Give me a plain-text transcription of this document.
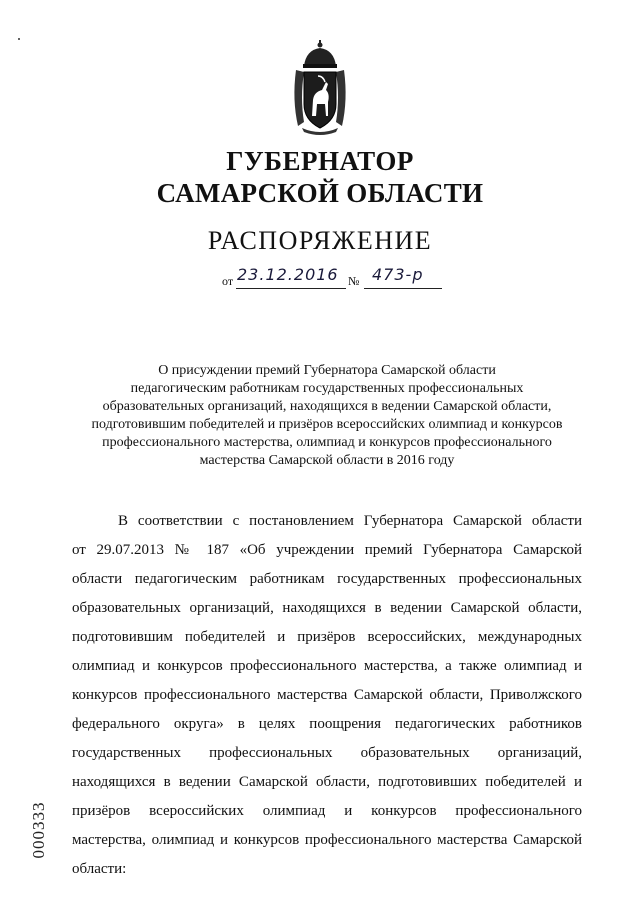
ГУБЕРНАТОР
САМАРСКОЙ ОБЛАСТИ
РАСПОРЯЖЕНИЕ
от 23.12.2016 № 473-р
О присуждении премий Губернатора Самарской области
педагогическим работникам государственных профессиональных
образовательных организаций, находящихся в ведении Самарской области,
подготовившим победителей и призёров всероссийских олимпиад и конкурсов
профессионального мастерства, олимпиад и конкурсов профессионального
мастерства Самарской области в 2016 году
В соответствии с постановлением Губернатора Самарской области
от 29.07.2013 № 187 «Об учреждении премий Губернатора Самарской
области педагогическим работникам государственных профессиональных
образовательных организаций, находящихся в ведении Самарской области,
подготовившим победителей и призёров всероссийских, международных
олимпиад и конкурсов профессионального мастерства, а также олимпиад и
конкурсов профессионального мастерства Самарской области, Приволжского
федерального округа» в целях поощрения педагогических работников
государственных профессиональных образовательных организаций,
находящихся в ведении Самарской области, подготовивших победителей и
призёров всероссийских олимпиад и конкурсов профессионального
мастерства, олимпиад и конкурсов профессионального мастерства Самарской
области:
000333
